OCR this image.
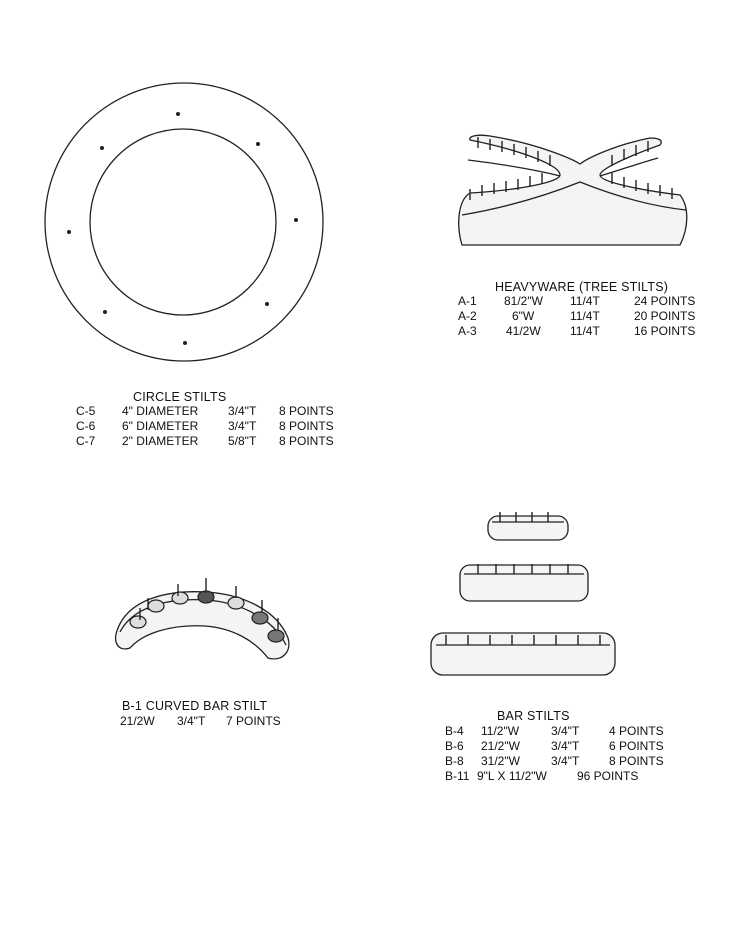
CIRCLE STILTS
C-5 4" DIAMETER 3/4"T 8 POINTS
C-6 6" DIAMETER 3/4"T 8 POINTS
C-7 2" DIAMETER 5/8"T 8 POINTS
HEAVYWARE (TREE STILTS)
A-1 81/2"W 11/4T	24 POINTS
A-2	6"W	11/4T	20 POINTS
A-3 41/2W 11/4T	16 POINTS
B-1 CURVED BAR STILT
21/2W 3/4"T 7 POINTS	BAR STILTS
B-4 11/2"W	3/4"T 4 POINTS
B-6 21/2"W	3/4"T 6 POINTS
B-8 31/2"W	3/4"T 8 POINTS
B-11 9"L X 11/2"W	96 POINTS
